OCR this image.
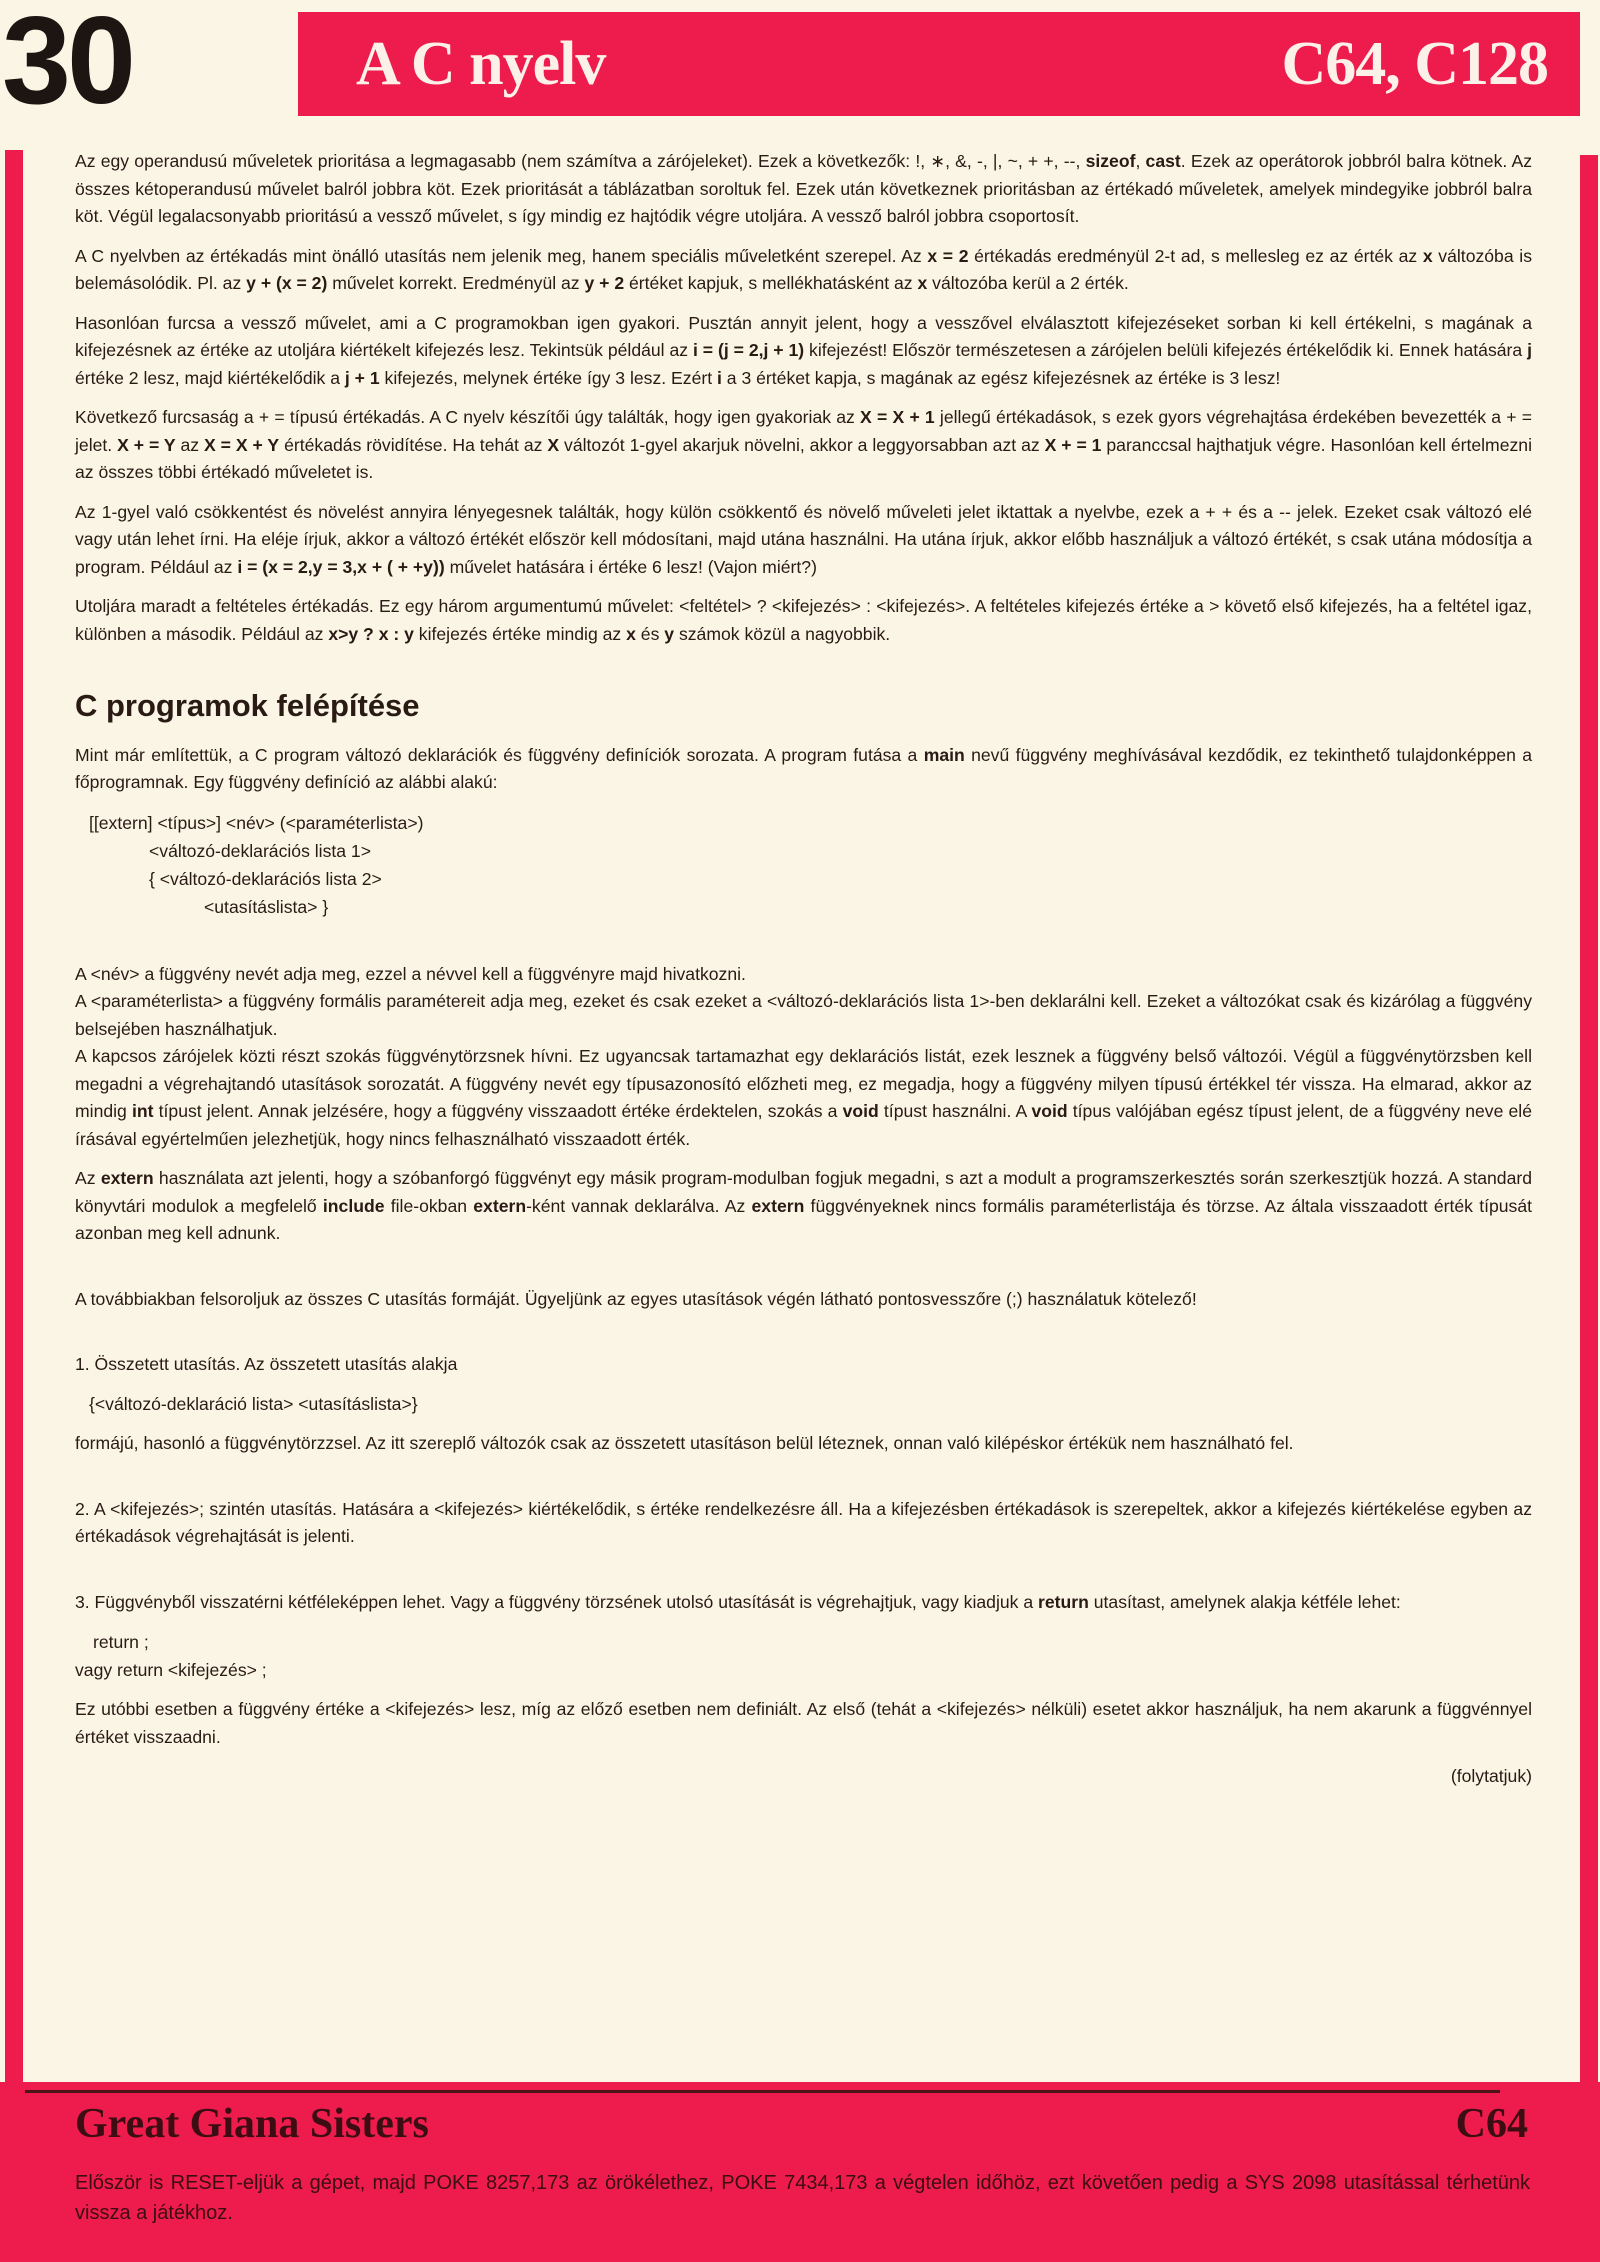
30	A C nyelv	C64, C128

Az egy operandusú műveletek prioritása a legmagasabb (nem számítva a zárójeleket). Ezek a következők: !, ∗, &, -, |, ~, + +, --, sizeof, cast. Ezek az operátorok jobbról balra kötnek. Az összes kétoperandusú művelet balról jobbra köt. Ezek prioritását a táblázatban soroltuk fel. Ezek után következnek prioritásban az értékadó műveletek, amelyek mindegyike jobbról balra köt. Végül legalacsonyabb prioritású a vessző művelet, s így mindig ez hajtódik végre utoljára. A vessző balról jobbra csoportosít.

A C nyelvben az értékadás mint önálló utasítás nem jelenik meg, hanem speciális műveletként szerepel. Az x = 2 értékadás eredményül 2-t ad, s mellesleg ez az érték az x változóba is belemásolódik. Pl. az y + (x = 2) művelet korrekt. Eredményül az y + 2 értéket kapjuk, s mellékhatásként az x változóba kerül a 2 érték.

Hasonlóan furcsa a vessző művelet, ami a C programokban igen gyakori. Pusztán annyit jelent, hogy a vesszővel elválasztott kifejezéseket sorban ki kell értékelni, s magának a kifejezésnek az értéke az utoljára kiértékelt kifejezés lesz. Tekintsük például az i = (j = 2,j + 1) kifejezést! Először természetesen a zárójelen belüli kifejezés értékelődik ki. Ennek hatására j értéke 2 lesz, majd kiértékelődik a j + 1 kifejezés, melynek értéke így 3 lesz. Ezért i a 3 értéket kapja, s magának az egész kifejezésnek az értéke is 3 lesz!

Következő furcsaság a + = típusú értékadás. A C nyelv készítői úgy találták, hogy igen gyakoriak az X = X + 1 jellegű értékadások, s ezek gyors végrehajtása érdekében bevezették a + = jelet. X + = Y az X = X + Y értékadás rövidítése. Ha tehát az X változót 1-gyel akarjuk növelni, akkor a leggyorsabban azt az X + = 1 paranccsal hajthatjuk végre. Hasonlóan kell értelmezni az összes többi értékadó műveletet is.

Az 1-gyel való csökkentést és növelést annyira lényegesnek találták, hogy külön csökkentő és növelő műveleti jelet iktattak a nyelvbe, ezek a + + és a -- jelek. Ezeket csak változó elé vagy után lehet írni. Ha eléje írjuk, akkor a változó értékét először kell módosítani, majd utána használni. Ha utána írjuk, akkor előbb használjuk a változó értékét, s csak utána módosítja a program. Például az i = (x = 2,y = 3,x + ( + +y)) művelet hatására i értéke 6 lesz! (Vajon miért?)

Utoljára maradt a feltételes értékadás. Ez egy három argumentumú művelet: <feltétel> ? <kifejezés> : <kifejezés>. A feltételes kifejezés értéke a > követő első kifejezés, ha a feltétel igaz, különben a második. Például az x>y ? x : y kifejezés értéke mindig az x és y számok közül a nagyobbik.

C programok felépítése

Mint már említettük, a C program változó deklarációk és függvény definíciók sorozata. A program futása a main nevű függvény meghívásával kezdődik, ez tekinthető tulajdonképpen a főprogramnak. Egy függvény definíció az alábbi alakú:

[[extern] <típus>] <név> (<paraméterlista>)
<változó-deklarációs lista 1>
{ <változó-deklarációs lista 2>
<utasításlista> }

A <név> a függvény nevét adja meg, ezzel a névvel kell a függvényre majd hivatkozni.

A <paraméterlista> a függvény formális paramétereit adja meg, ezeket és csak ezeket a <változó-deklarációs lista 1>-ben deklarálni kell. Ezeket a változókat csak és kizárólag a függvény belsejében használhatjuk.

A kapcsos zárójelek közti részt szokás függvénytörzsnek hívni. Ez ugyancsak tartamazhat egy deklarációs listát, ezek lesznek a függvény belső változói. Végül a függvénytörzsben kell megadni a végrehajtandó utasítások sorozatát. A függvény nevét egy típusazonosító előzheti meg, ez megadja, hogy a függvény milyen típusú értékkel tér vissza. Ha elmarad, akkor az mindig int típust jelent. Annak jelzésére, hogy a függvény visszaadott értéke érdektelen, szokás a void típust használni. A void típus valójában egész típust jelent, de a függvény neve elé írásával egyértelműen jelezhetjük, hogy nincs felhasználható visszaadott érték.

Az extern használata azt jelenti, hogy a szóbanforgó függvényt egy másik program-modulban fogjuk megadni, s azt a modult a programszerkesztés során szerkesztjük hozzá. A standard könyvtári modulok a megfelelő include file-okban extern-ként vannak deklarálva. Az extern függvényeknek nincs formális paraméterlistája és törzse. Az általa visszaadott érték típusát azonban meg kell adnunk.

A továbbiakban felsoroljuk az összes C utasítás formáját. Ügyeljünk az egyes utasítások végén látható pontosvesszőre (;) használatuk kötelező!

1. Összetett utasítás. Az összetett utasítás alakja

{<változó-deklaráció lista> <utasításlista>}

formájú, hasonló a függvénytörzzsel. Az itt szereplő változók csak az összetett utasításon belül léteznek, onnan való kilépéskor értékük nem használható fel.

2. A <kifejezés>; szintén utasítás. Hatására a <kifejezés> kiértékelődik, s értéke rendelkezésre áll. Ha a kifejezésben értékadások is szerepeltek, akkor a kifejezés kiértékelése egyben az értékadások végrehajtását is jelenti.

3. Függvényből visszatérni kétféleképpen lehet. Vagy a függvény törzsének utolsó utasítását is végrehajtjuk, vagy kiadjuk a return utasítast, amelynek alakja kétféle lehet:

return ;
vagy return <kifejezés> ;

Ez utóbbi esetben a függvény értéke a <kifejezés> lesz, míg az előző esetben nem definiált. Az első (tehát a <kifejezés> nélküli) esetet akkor használjuk, ha nem akarunk a függvénnyel értéket visszaadni.

(folytatjuk)
Great Giana Sisters	C64
Először is RESET-eljük a gépet, majd POKE 8257,173 az örökélethez, POKE 7434,173 a végtelen időhöz, ezt követően pedig a SYS 2098 utasítással térhetünk vissza a játékhoz.
